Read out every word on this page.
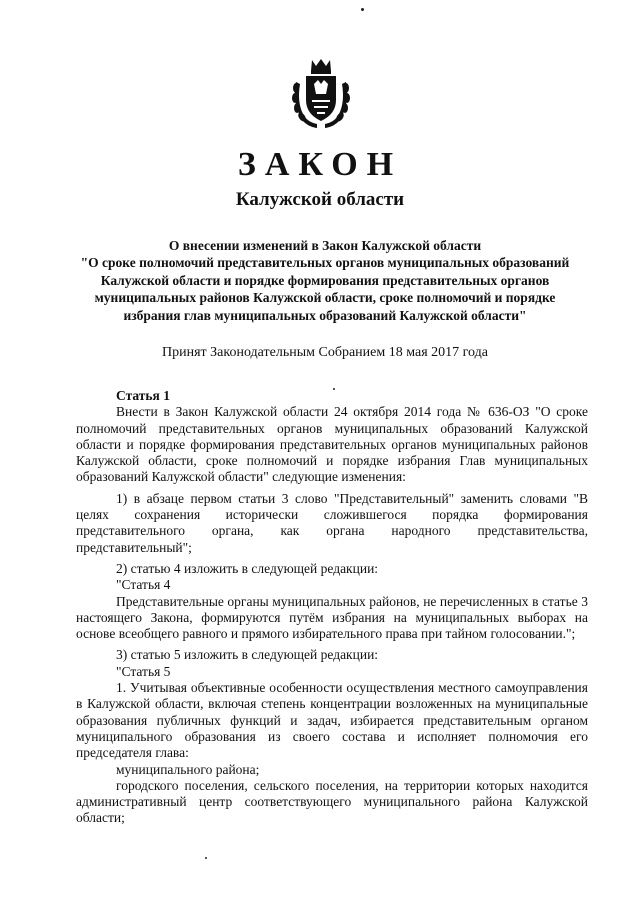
ЗАКОН
Калужской области
О внесении изменений в Закон Калужской области
"О сроке полномочий представительных органов муниципальных образований
Калужской области и порядке формирования представительных органов
муниципальных районов Калужской области, сроке полномочий и порядке
избрания глав муниципальных образований Калужской области"
Принят Законодательным Собранием 18 мая 2017 года

Статья 1

Внести в Закон Калужской области 24 октября 2014 года № 636-ОЗ "О сроке полномочий представительных органов муниципальных образований Калужской области и порядке формирования представительных органов муниципальных районов Калужской области, сроке полномочий и порядке избрания Глав муниципальных образований Калужской области" следующие изменения:

1) в абзаце первом статьи 3 слово "Представительный" заменить словами "В целях сохранения исторически сложившегося порядка формирования представительного органа, как органа народного представительства, представительный";

2) статью 4 изложить в следующей редакции:

"Статья 4

Представительные органы муниципальных районов, не перечисленных в статье 3 настоящего Закона, формируются путём избрания на муниципальных выборах на основе всеобщего равного и прямого избирательного права при тайном голосовании.";

3) статью 5 изложить в следующей редакции:

"Статья 5

1. Учитывая объективные особенности осуществления местного самоуправления в Калужской области, включая степень концентрации возложенных на муниципальные образования публичных функций и задач, избирается представительным органом муниципального образования из своего состава и исполняет полномочия его председателя глава:

муниципального района;

городского поселения, сельского поселения, на территории которых находится административный центр соответствующего муниципального района Калужской области;
